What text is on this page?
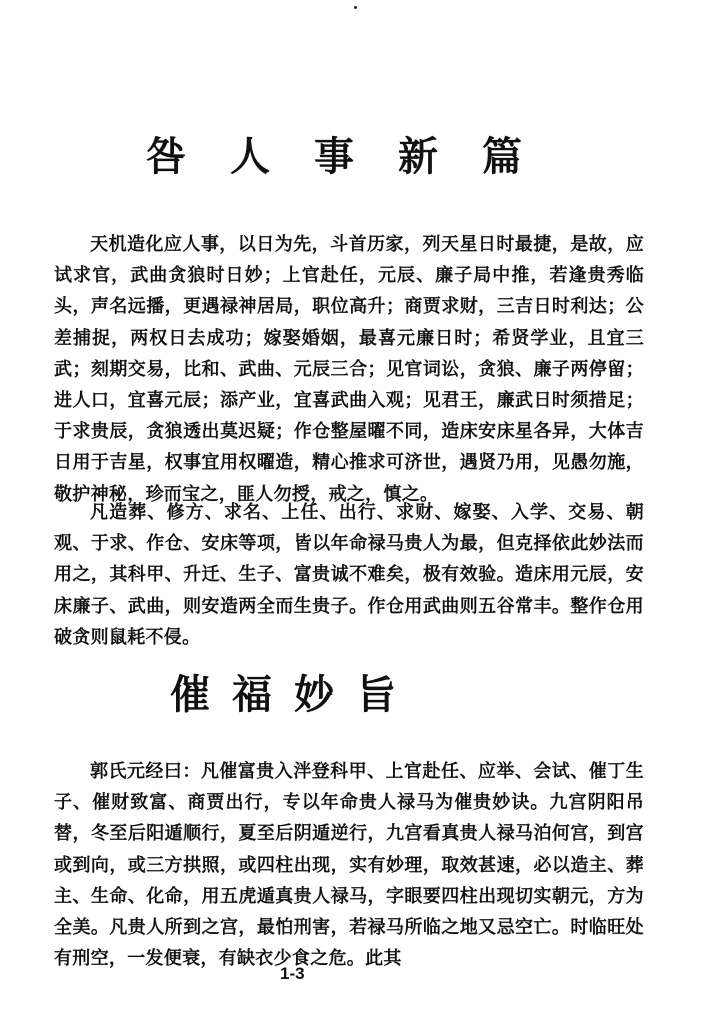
咎人事新篇

天机造化应人事，以日为先，斗首历家，列天星日时最捷，是故，应试求官，武曲贪狼时日妙；上官赴任，元辰、廉子局中推，若逢贵秀临头，声名远播，更遇禄神居局，职位高升；商贾求财，三吉日时利达；公差捕捉，两权日去成功；嫁娶婚姻，最喜元廉日时；希贤学业，且宜三武；刻期交易，比和、武曲、元辰三合；见官词讼，贪狼、廉子两停留；进人口，宜喜元辰；添产业，宜喜武曲入观；见君王，廉武日时须措足；于求贵辰，贪狼透出莫迟疑；作仓整屋曜不同，造床安床星各异，大体吉日用于吉星，权事宜用权曜造，精心推求可济世，遇贤乃用，见愚勿施，敬护神秘，珍而宝之，匪人勿授，戒之，慎之。

凡造葬、修方、求名、上任、出行、求财、嫁娶、入学、交易、朝观、于求、作仓、安床等项，皆以年命禄马贵人为最，但克择依此妙法而用之，其科甲、升迁、生子、富贵诚不难矣，极有效验。造床用元辰，安床廉子、武曲，则安造两全而生贵子。作仓用武曲则五谷常丰。整作仓用破贪则鼠耗不侵。

催福妙旨

郭氏元经曰：凡催富贵入泮登科甲、上官赴任、应举、会试、催丁生子、催财致富、商贾出行，专以年命贵人禄马为催贵妙诀。九宫阴阳吊替，冬至后阳遁顺行，夏至后阴遁逆行，九宫看真贵人禄马泊何宫，到宫或到向，或三方拱照，或四柱出现，实有妙理，取效甚速，必以造主、葬主、生命、化命，用五虎遁真贵人禄马，字眼要四柱出现切实朝元，方为全美。凡贵人所到之宫，最怕刑害，若禄马所临之地又忌空亡。时临旺处有刑空，一发便衰，有缺衣少食之危。此其

1-3
